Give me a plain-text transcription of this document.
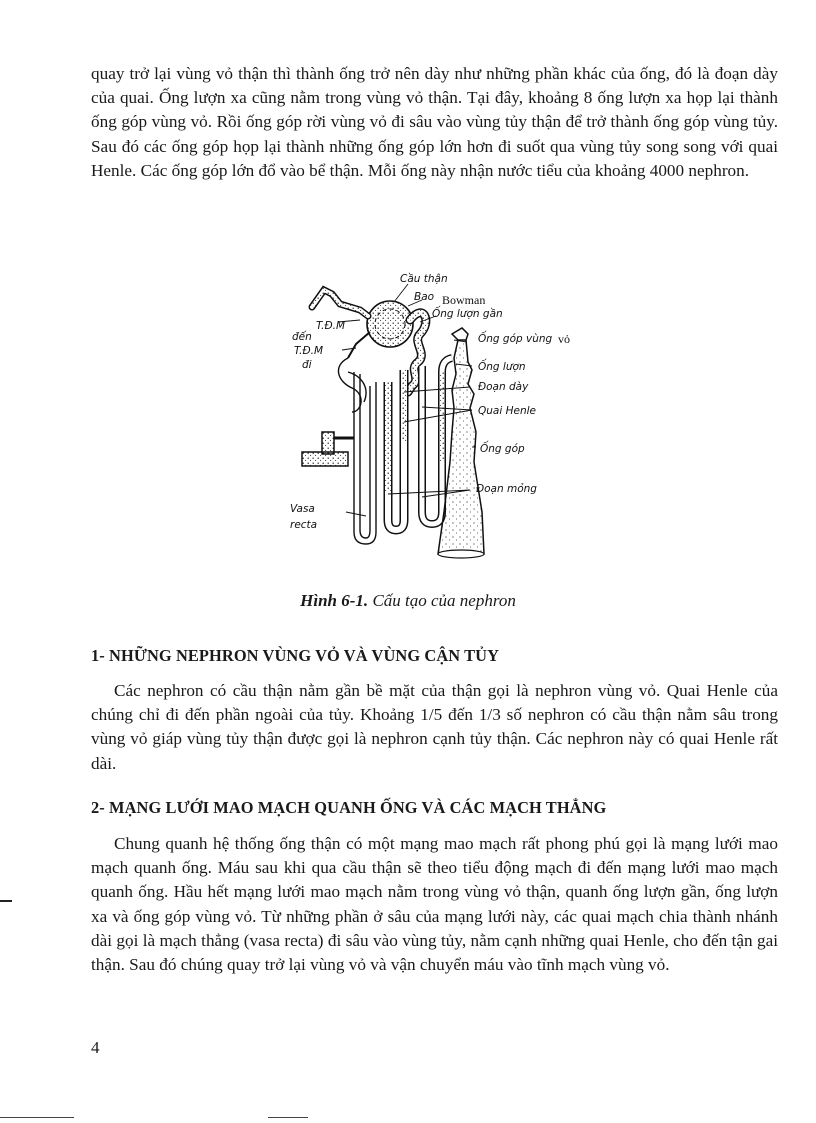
quay trở lại vùng vỏ thận thì thành ống trở nên dày như những phần khác của ống, đó là đoạn dày của quai. Ống lượn xa cũng nằm trong vùng vỏ thận. Tại đây, khoảng 8 ống lượn xa họp lại thành ống góp vùng vỏ. Rồi ống góp rời vùng vỏ đi sâu vào vùng tủy thận để trở thành ống góp vùng tủy. Sau đó các ống góp họp lại thành những ống góp lớn hơn đi suốt qua vùng tủy song song với quai Henle. Các ống góp lớn đổ vào bể thận. Mỗi ống này nhận nước tiểu của khoảng 4000 nephron.

Cầu thận
Bao Bowman
Ống lượn gần
T.Đ.M
đến
T.Đ.M
đi
Ống góp vùng vỏ
Ống lượn
Đoạn dày
Quai Henle
Ống góp
Đoạn mỏng
Vasa
recta

Hình 6-1. Cấu tạo của nephron

1- NHỮNG NEPHRON VÙNG VỎ VÀ VÙNG CẬN TỦY

Các nephron có cầu thận nằm gần bề mặt của thận gọi là nephron vùng vỏ. Quai Henle của chúng chỉ đi đến phần ngoài của tủy. Khoảng 1/5 đến 1/3 số nephron có cầu thận nằm sâu trong vùng vỏ giáp vùng tủy thận được gọi là nephron cạnh tủy thận. Các nephron này có quai Henle rất dài.

2- MẠNG LƯỚI MAO MẠCH QUANH ỐNG VÀ CÁC MẠCH THẲNG

Chung quanh hệ thống ống thận có một mạng mao mạch rất phong phú gọi là mạng lưới mao mạch quanh ống. Máu sau khi qua cầu thận sẽ theo tiểu động mạch đi đến mạng lưới mao mạch quanh ống. Hầu hết mạng lưới mao mạch nằm trong vùng vỏ thận, quanh ống lượn gần, ống lượn xa và ống góp vùng vỏ. Từ những phần ở sâu của mạng lưới này, các quai mạch chia thành nhánh dài gọi là mạch thẳng (vasa recta) đi sâu vào vùng tủy, nằm cạnh những quai Henle, cho đến tận gai thận. Sau đó chúng quay trở lại vùng vỏ và vận chuyển máu vào tĩnh mạch vùng vỏ.

4
